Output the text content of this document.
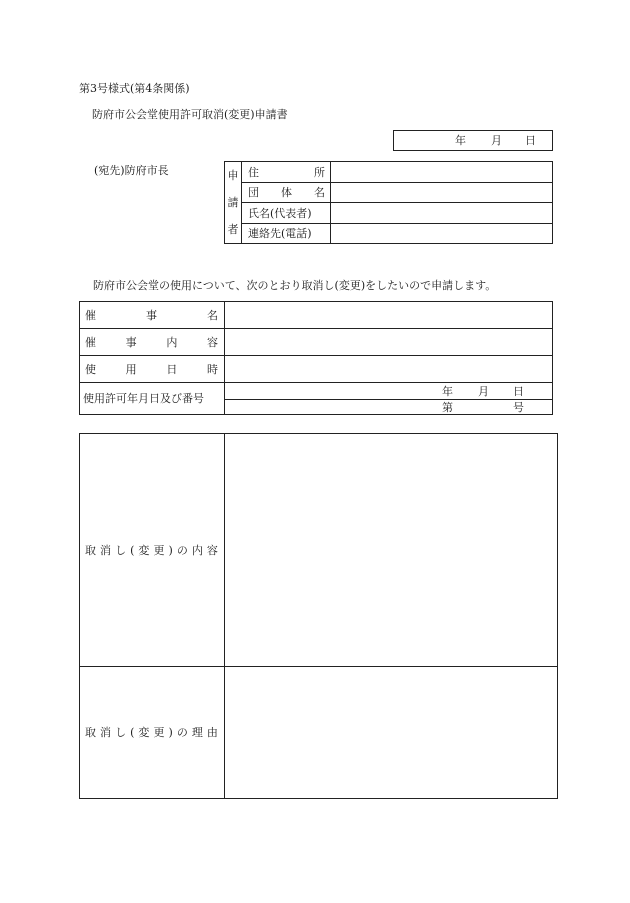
第3号様式(第4条関係)
防府市公会堂使用許可取消(変更)申請書
年 月 日
(宛先)防府市長	申
請
者
住	所
団 体 名
氏名(代表者)
連絡先(電話)
防府市公会堂の使用について、次のとおり取消し(変更)をしたいので申請します。
催	事	名
催	事	内	容
使	用	日	時
使用許可年月日及び番号
年 月 日
第	号
取 消 し ( 変 更 ) の 内 容
取 消 し ( 変 更 ) の 理 由
